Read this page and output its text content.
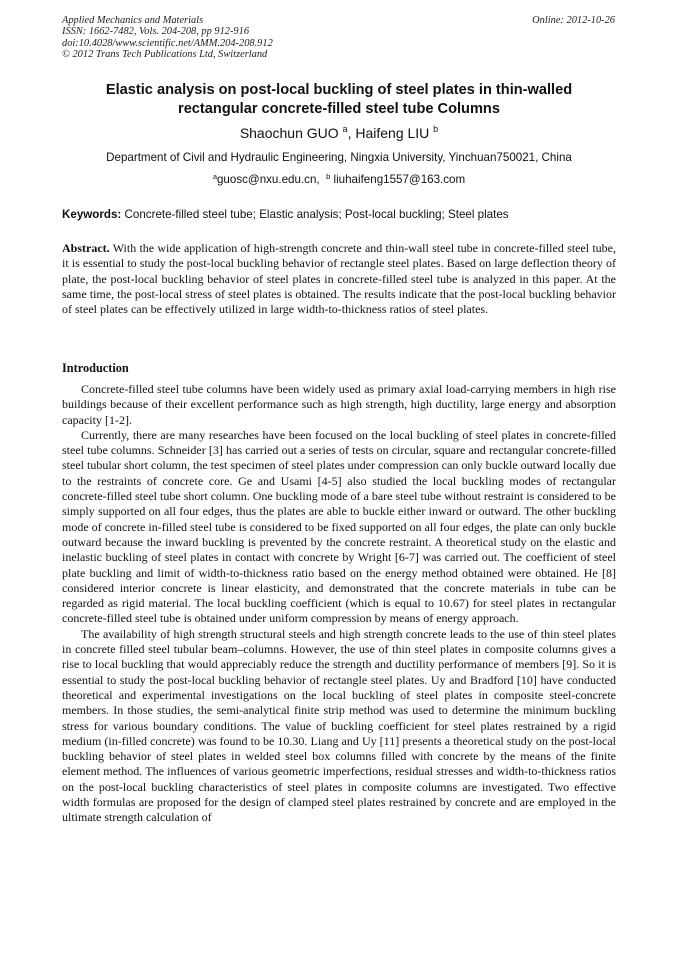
Applied Mechanics and Materials
ISSN: 1662-7482, Vols. 204-208, pp 912-916
doi:10.4028/www.scientific.net/AMM.204-208.912
© 2012 Trans Tech Publications Ltd, Switzerland
Online: 2012-10-26
Elastic analysis on post-local buckling of steel plates in thin-walled
rectangular concrete-filled steel tube Columns
Shaochun GUO $^a$, Haifeng LIU $^b$
Department of Civil and Hydraulic Engineering, Ningxia University, Yinchuan750021, China
$^a$guosc@nxu.edu.cn, $^b$ liuhaifeng1557@163.com
Keywords: Concrete-filled steel tube; Elastic analysis; Post-local buckling; Steel plates
Abstract. With the wide application of high-strength concrete and thin-wall steel tube in concrete-filled steel tube, it is essential to study the post-local buckling behavior of rectangle steel plates. Based on large deflection theory of plate, the post-local buckling behavior of steel plates in concrete-filled steel tube is analyzed in this paper. At the same time, the post-local stress of steel plates is obtained. The results indicate that the post-local buckling behavior of steel plates can be effectively utilized in large width-to-thickness ratios of steel plates.
Introduction

Concrete-filled steel tube columns have been widely used as primary axial load-carrying members in high rise buildings because of their excellent performance such as high strength, high ductility, large energy and absorption capacity [1-2].

Currently, there are many researches have been focused on the local buckling of steel plates in concrete-filled steel tube columns. Schneider [3] has carried out a series of tests on circular, square and rectangular concrete-filled steel tubular short column, the test specimen of steel plates under compression can only buckle outward locally due to the restraints of concrete core. Ge and Usami [4-5] also studied the local buckling modes of rectangular concrete-filled steel tube short column. One buckling mode of a bare steel tube without restraint is considered to be simply supported on all four edges, thus the plates are able to buckle either inward or outward. The other buckling mode of concrete in-filled steel tube is considered to be fixed supported on all four edges, the plate can only buckle outward because the inward buckling is prevented by the concrete restraint. A theoretical study on the elastic and inelastic buckling of steel plates in contact with concrete by Wright [6-7] was carried out. The coefficient of steel plate buckling and limit of width-to-thickness ratio based on the energy method obtained were obtained. He [8] considered interior concrete is linear elasticity, and demonstrated that the concrete materials in tube can be regarded as rigid material. The local buckling coefficient (which is equal to 10.67) for steel plates in rectangular concrete-filled steel tube is obtained under uniform compression by means of energy approach.

The availability of high strength structural steels and high strength concrete leads to the use of thin steel plates in concrete filled steel tubular beam–columns. However, the use of thin steel plates in composite columns gives a rise to local buckling that would appreciably reduce the strength and ductility performance of members [9]. So it is essential to study the post-local buckling behavior of rectangle steel plates. Uy and Bradford [10] have conducted theoretical and experimental investigations on the local buckling of steel plates in composite steel-concrete members. In those studies, the semi-analytical finite strip method was used to determine the minimum buckling stress for various boundary conditions. The value of buckling coefficient for steel plates restrained by a rigid medium (in-filled concrete) was found to be 10.30. Liang and Uy [11] presents a theoretical study on the post-local buckling behavior of steel plates in welded steel box columns filled with concrete by the means of the finite element method. The influences of various geometric imperfections, residual stresses and width-to-thickness ratios on the post-local buckling characteristics of steel plates in composite columns are investigated. Two effective width formulas are proposed for the design of clamped steel plates restrained by concrete and are employed in the ultimate strength calculation of
